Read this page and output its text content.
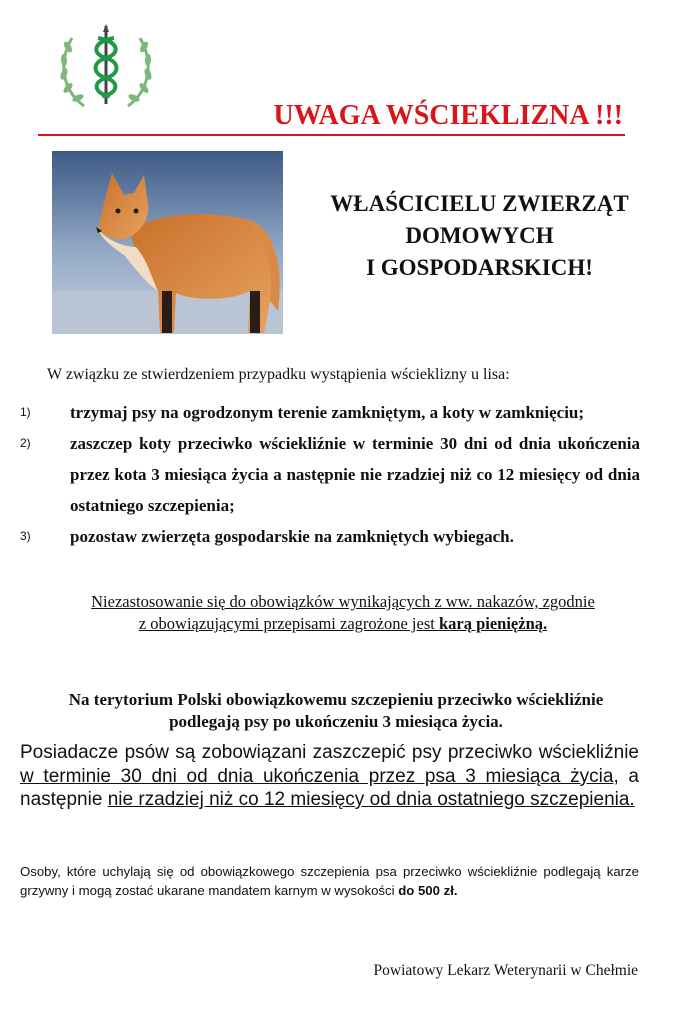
UWAGA WŚCIEKLIZNA !!!
WŁAŚCICIELU ZWIERZĄT
DOMOWYCH
I GOSPODARSKICH!
W związku ze stwierdzeniem przypadku wystąpienia wścieklizny u lisa:
1) trzymaj psy na ogrodzonym terenie zamkniętym, a koty w zamknięciu;
2) zaszczep koty przeciwko wściekliźnie w terminie 30 dni od dnia ukończenia przez kota 3 miesiąca życia a następnie nie rzadziej niż co 12 miesięcy od dnia ostatniego szczepienia;
3) pozostaw zwierzęta gospodarskie na zamkniętych wybiegach.
Niezastosowanie się do obowiązków wynikających z ww. nakazów, zgodnie
z obowiązującymi przepisami zagrożone jest karą pieniężną.
Na terytorium Polski obowiązkowemu szczepieniu przeciwko wściekliźnie
podlegają psy po ukończeniu 3 miesiąca życia.
Posiadacze psów są zobowiązani zaszczepić psy przeciwko wściekliźnie w terminie 30 dni od dnia ukończenia przez psa 3 miesiąca życia, a następnie nie rzadziej niż co 12 miesięcy od dnia ostatniego szczepienia.
Osoby, które uchylają się od obowiązkowego szczepienia psa przeciwko wściekliźnie podlegają karze grzywny i mogą zostać ukarane mandatem karnym w wysokości do 500 zł.
Powiatowy Lekarz Weterynarii w Chełmie
